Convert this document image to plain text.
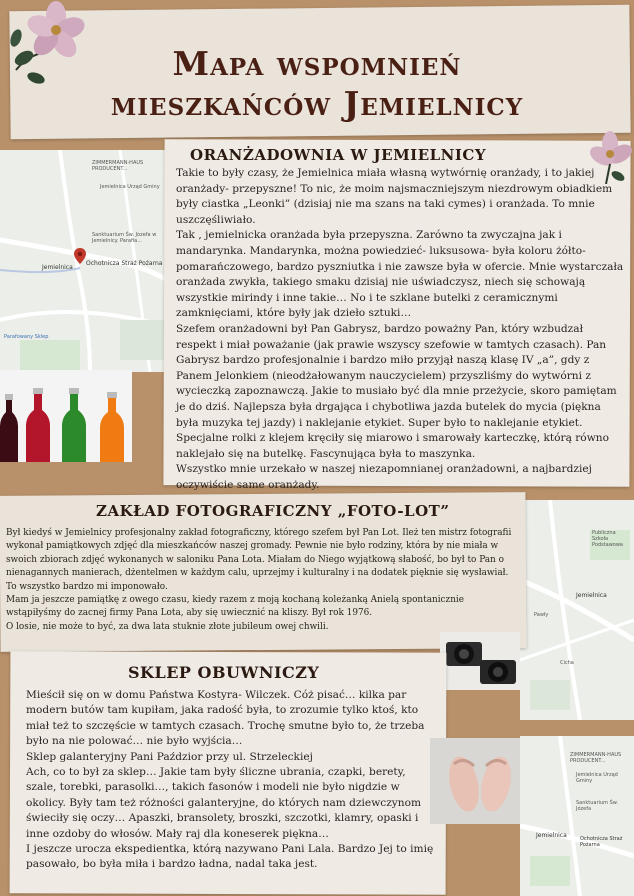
Mapa wspomnień
mieszkańców Jemielnicy
ZIMMERMANN-HAUS PRODUCENT...
Jemielnica Urząd Gminy
Sanktuarium Św. Józefa w Jemielnicy. Parafia...
Ochotnicza Straż Pożarna
Jemielnica
Parafowany Sklep
ORANŻADOWNIA W JEMIELNICY

Takie to były czasy, że Jemielnica miała własną wytwórnię oranżady, i to jakiej oranżady- przepyszne! To nic, że moim najsmaczniejszym niezdrowym obiadkiem były ciastka „Leonki” (dzisiaj nie ma szans na taki cymes) i oranżada. To mnie uszczęśliwiało.

Tak , jemielnicka oranżada była przepyszna. Zarówno ta zwyczajna jak i mandarynka. Mandarynka, można powiedzieć- luksusowa- była koloru żółto-pomarańczowego, bardzo pyszniutka i nie zawsze była w ofercie. Mnie wystarczała oranżada zwykła, takiego smaku dzisiaj nie uświadczysz, niech się schowają wszystkie mirindy i inne takie… No i te szklane butelki z ceramicznymi zamknięciami, które były jak dzieło sztuki…

Szefem oranżadowni był Pan Gabrysz, bardzo poważny Pan, który wzbudzał respekt i miał poważanie (jak prawie wszyscy szefowie w tamtych czasach). Pan Gabrysz bardzo profesjonalnie i bardzo miło przyjął naszą klasę IV „a”, gdy z Panem Jelonkiem (nieodżałowanym nauczycielem) przyszliśmy do wytwórni z wycieczką zapoznawczą. Jakie to musiało być dla mnie przeżycie, skoro pamiętam je do dziś. Najlepsza była drgająca i chybotliwa jazda butelek do mycia (piękna była muzyka tej jazdy) i naklejanie etykiet. Super było to naklejanie etykiet. Specjalne rolki z klejem kręciły się miarowo i smarowały karteczkę, którą równo naklejało się na butelkę. Fascynująca była to maszynka.

Wszystko mnie urzekało w naszej niezapomnianej oranżadowni, a najbardziej oczywiście same oranżady.

Publiczna Szkoła Podstawowa
Jemielnica
Pawły
Cicha
ZAKŁAD FOTOGRAFICZNY „FOTO-LOT”

Był kiedyś w Jemielnicy profesjonalny zakład fotograficzny, którego szefem był Pan Lot. Ileż ten mistrz fotografii wykonał pamiątkowych zdjęć dla mieszkańców naszej gromady. Pewnie nie było rodziny, która by nie miała w swoich zbiorach zdjęć wykonanych w saloniku Pana Lota. Miałam do Niego wyjątkową słabość, bo był to Pan o nienagannych manierach, dżentelmen w każdym calu, uprzejmy i kulturalny i na dodatek pięknie się wysławiał. To wszystko bardzo mi imponowało.

Mam ja jeszcze pamiątkę z owego czasu, kiedy razem z moją kochaną koleżanką Anielą spontanicznie wstąpiłyśmy do zacnej firmy Pana Lota, aby się uwiecznić na kliszy. Był rok 1976.

O losie, nie może to być, za dwa lata stuknie złote jubileum owej chwili.

SKLEP OBUWNICZY

Mieścił się on w domu Państwa Kostyra- Wilczek. Cóż pisać… kilka par modern butów tam kupiłam, jaka radość była, to zrozumie tylko ktoś, kto miał też to szczęście w tamtych czasach. Trochę smutne było to, że trzeba było na nie polować… nie było wyjścia…

Sklep galanteryjny Pani Paździor przy ul. Strzeleckiej

Ach, co to był za sklep… Jakie tam były śliczne ubrania, czapki, berety, szale, torebki, parasolki…, takich fasonów i modeli nie było nigdzie w okolicy. Były tam też różności galanteryjne, do których nam dziewczynom świeciły się oczy… Apaszki, bransolety, broszki, szczotki, klamry, opaski i inne ozdoby do włosów. Mały raj dla koneserek piękna…

I jeszcze urocza ekspedientka, którą nazywano Pani Lala. Bardzo Jej to imię pasowało, bo była miła i bardzo ładna, nadal taka jest.

ZIMMERMANN-HAUS PRODUCENT...
Jemielnica Urząd Gminy
Sanktuarium Św. Józefa
Jemielnica	Ochotnicza Straż Pożarna
